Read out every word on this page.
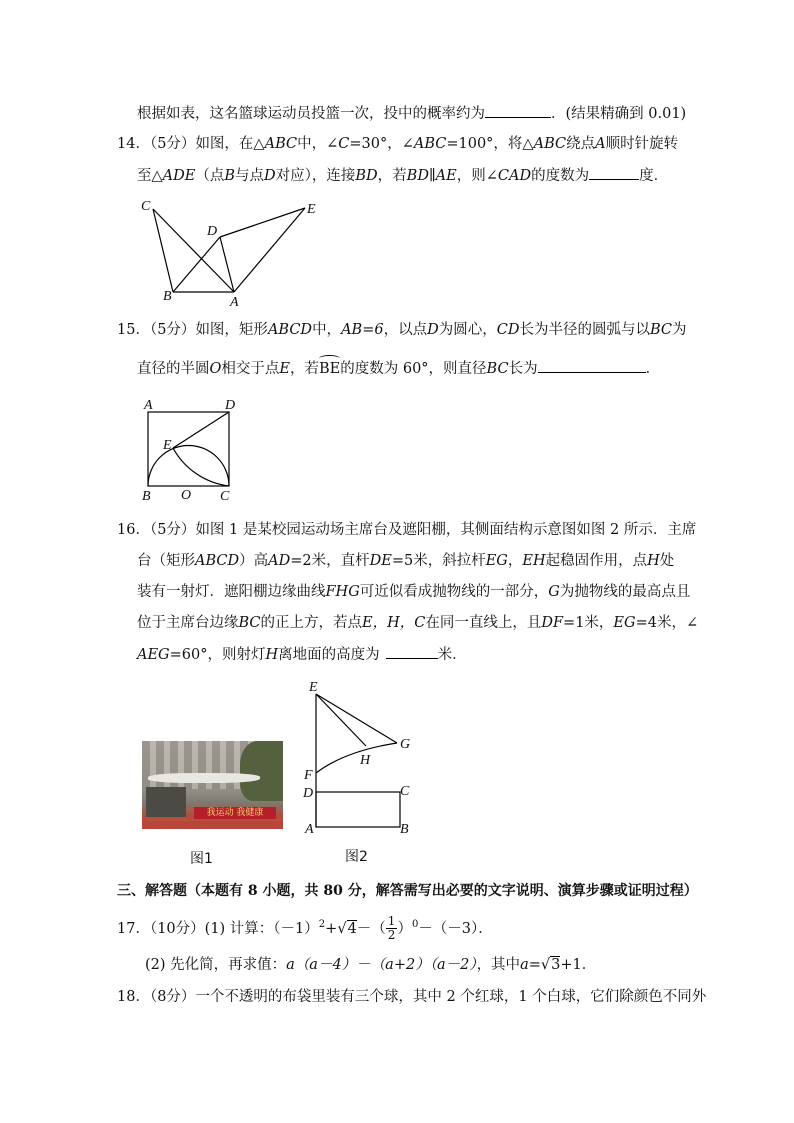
根据如表，这名篮球运动员投篮一次，投中的概率约为	．(结果精确到 0.01)
14．（5分）如图，在△ABC中，∠C=30°，∠ABC=100°，将△ABC绕点A顺时针旋转
至△ADE（点B与点D对应），连接BD，若BD∥AE，则∠CAD的度数为	度．
C
D
E
B	A
15．（5分）如图，矩形ABCD中，AB=6，以点D为圆心，CD长为半径的圆弧与以BC为
直径的半圆O相交于点E，若BE的度数为 60°，则直径BC长为	．
A	D
E
B O C
16．（5分）如图 1 是某校园运动场主席台及遮阳棚，其侧面结构示意图如图 2 所示．主席
台（矩形ABCD）高AD=2米，直杆DE=5米，斜拉杆EG，EH起稳固作用，点H处
装有一射灯．遮阳棚边缘曲线FHG可近似看成抛物线的一部分，G为抛物线的最高点且
位于主席台边缘BC的正上方，若点E，H，C在同一直线上，且DF=1米，EG=4米，∠
AEG=60°，则射灯H离地面的高度为	米．
我运动 我健康
图1
E
G
H
F
D	C
A	B
图2
三、解答题（本题有 8 小题，共 80 分，解答需写出必要的文字说明、演算步骤或证明过程）
17．（10分）(1) 计算：$(-1)^2+√4-( \frac{1}{2} )^0-(-3)$．
(2) 先化简，再求值：a（a－4）－（a+2）（a－2），其中a=√3+1．
18．（8分）一个不透明的布袋里装有三个球，其中 2 个红球，1 个白球，它们除颜色不同外
